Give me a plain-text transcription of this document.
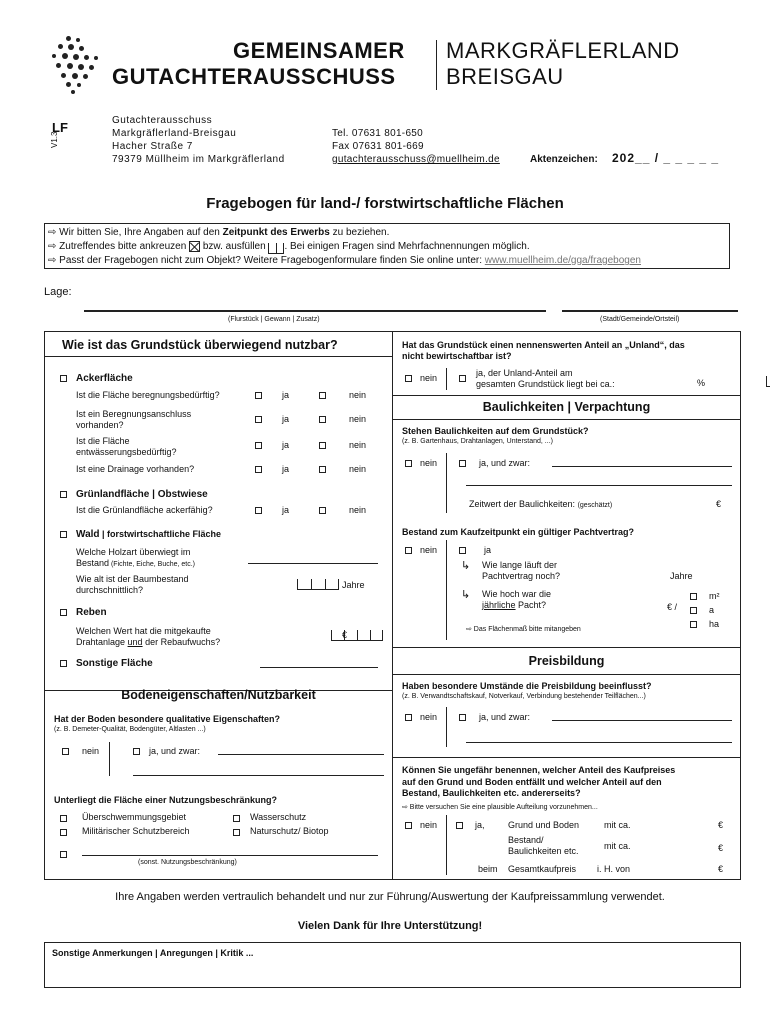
GEMEINSAMER
GUTACHTERAUSSCHUSS
MARKGRÄFLERLAND
BREISGAU
LF
V1.3
Gutachterausschuss
Markgräflerland-Breisgau
Hacher Straße 7
79379 Müllheim im Markgräflerland
Tel. 07631 801-650
Fax 07631 801-669
gutachterausschuss@muellheim.de	Aktenzeichen: 202__ / _ _ _ _ _
Fragebogen für land-/ forstwirtschaftliche Flächen
⇨ Wir bitten Sie, Ihre Angaben auf den Zeitpunkt des Erwerbs zu beziehen.
⇨ Zutreffendes bitte ankreuzen
bzw. ausfüllen
. Bei einigen Fragen sind Mehrfachnennungen möglich.
⇨ Passt der Fragebogen nicht zum Objekt? Weitere Fragebogenformulare finden Sie online unter: www.muellheim.de/gga/fragebogen
Lage:
(Flurstück | Gewann | Zusatz)	(Stadt/Gemeinde/Ortsteil)
Wie ist das Grundstück überwiegend nutzbar?
Ackerfläche
Ist die Fläche beregnungsbedürftig?	ja	nein
Ist ein Beregnungsanschluss
vorhanden?
ja	nein
Ist die Fläche
entwässerungsbedürftig?
ja	nein
Ist eine Drainage vorhanden?	ja	nein
Grünlandfläche | Obstwiese
Ist die Grünlandfläche ackerfähig?	ja	nein
Wald | forstwirtschaftliche Fläche
Welche Holzart überwiegt im
Bestand (Fichte, Eiche, Buche, etc.)
Wie alt ist der Baumbestand
durchschnittlich?
	Jahre
Reben
Welchen Wert hat die mitgekaufte
Drahtanlage und der Rebaufwuchs?

€
Sonstige Fläche
Bodeneigenschaften/Nutzbarkeit
Hat der Boden besondere qualitative Eigenschaften?
(z. B. Demeter-Qualität, Bodengüter, Altlasten ...)
nein	ja, und zwar:
Unterliegt die Fläche einer Nutzungsbeschränkung?
Überschwemmungsgebiet	Wasserschutz
Militärischer Schutzbereich	Naturschutz/ Biotop
(sonst. Nutzungsbeschränkung)
Hat das Grundstück einen nennenswerten Anteil an „Unland“, das
nicht bewirtschaftbar ist?
nein	ja, der Unland-Anteil am
gesamten Grundstück liegt bei ca.:
	%
Baulichkeiten | Verpachtung
Stehen Baulichkeiten auf dem Grundstück?
(z. B. Gartenhaus, Drahtanlagen, Unterstand, ...)
nein	ja, und zwar:
Zeitwert der Baulichkeiten: (geschätzt)
	€
Bestand zum Kaufzeitpunkt ein gültiger Pachtvertrag?
nein	ja
↳ Wie lange läuft der
Pachtvertrag noch?
	Jahre
↳ Wie hoch war die
jährliche Pacht?
	€ /
m²
a
ha
⇨ Das Flächenmaß bitte mitangeben
Preisbildung
Haben besondere Umstände die Preisbildung beeinflusst?
(z. B. Verwandtschaftskauf, Notverkauf, Verbindung bestehender Teilflächen...)
nein	ja, und zwar:
Können Sie ungefähr benennen, welcher Anteil des Kaufpreises
auf den Grund und Boden entfällt und welcher Anteil auf den
Bestand, Baulichkeiten etc. andererseits?
⇨ Bitte versuchen Sie eine plausible Aufteilung vorzunehmen...
nein	ja,	Grund und Boden	mit ca.
	€
Bestand/
Baulichkeiten etc.	mit ca.
	€
beim Gesamtkaufpreis i. H. von	€
Ihre Angaben werden vertraulich behandelt und nur zur Führung/Auswertung der Kaufpreissammlung verwendet.
Vielen Dank für Ihre Unterstützung!
Sonstige Anmerkungen | Anregungen | Kritik ...
